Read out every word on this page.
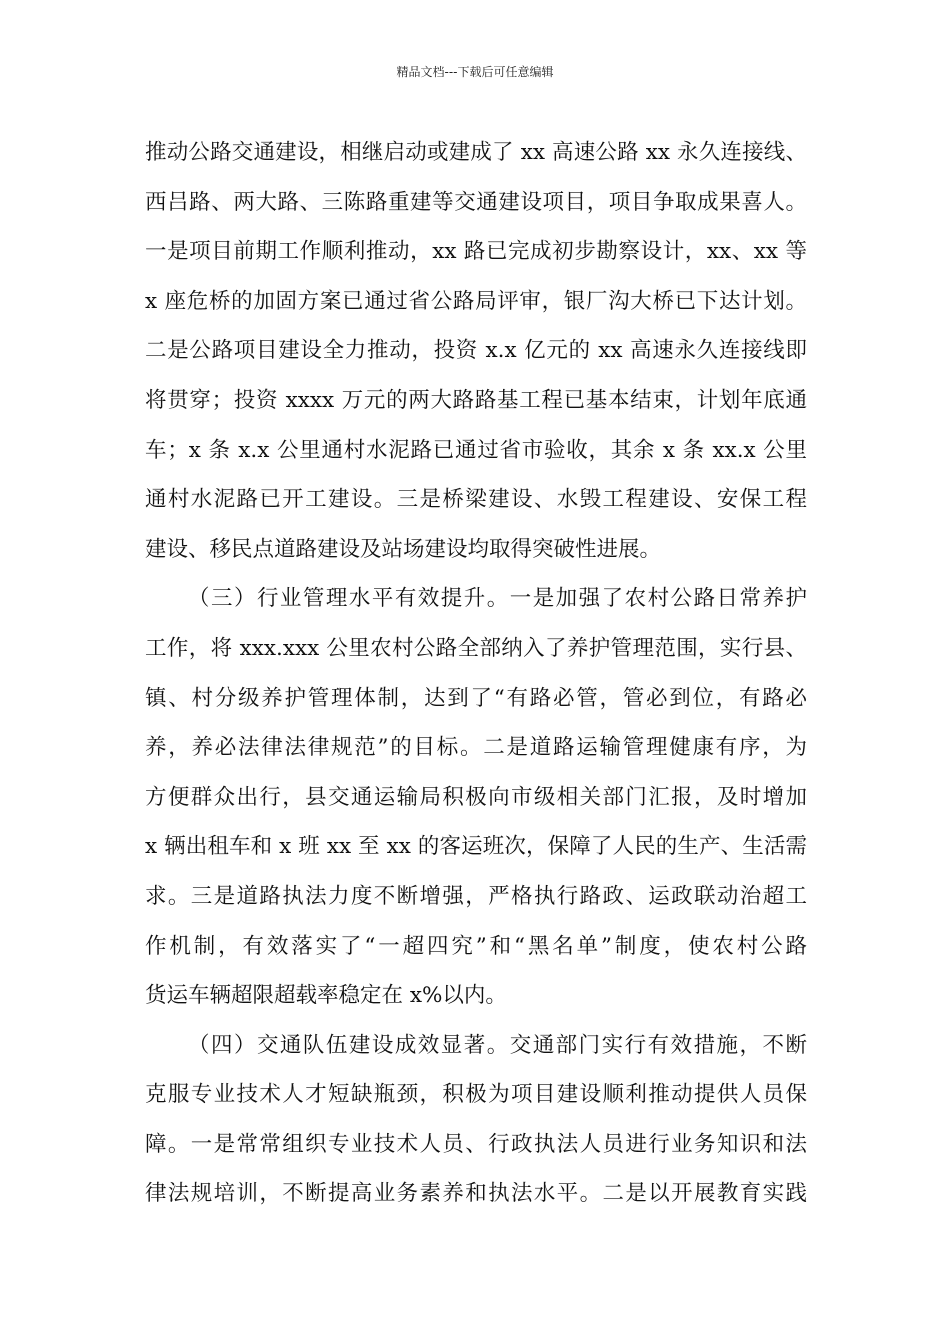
精品文档---下载后可任意编辑
推动公路交通建设，相继启动或建成了 xx 高速公路 xx 永久连接线、
西吕路、两大路、三陈路重建等交通建设项目，项目争取成果喜人。
一是项目前期工作顺利推动，xx 路已完成初步勘察设计，xx、xx 等
x 座危桥的加固方案已通过省公路局评审，银厂沟大桥已下达计划。
二是公路项目建设全力推动，投资 x.x 亿元的 xx 高速永久连接线即
将贯穿；投资 xxxx 万元的两大路路基工程已基本结束，计划年底通
车；x 条 x.x 公里通村水泥路已通过省市验收，其余 x 条 xx.x 公里
通村水泥路已开工建设。三是桥梁建设、水毁工程建设、安保工程
建设、移民点道路建设及站场建设均取得突破性进展。
（三）行业管理水平有效提升。一是加强了农村公路日常养护
工作，将 xxx.xxx 公里农村公路全部纳入了养护管理范围，实行县、
镇、村分级养护管理体制，达到了“有路必管，管必到位，有路必
养，养必法律法律规范”的目标。二是道路运输管理健康有序，为
方便群众出行，县交通运输局积极向市级相关部门汇报，及时增加
x 辆出租车和 x 班 xx 至 xx 的客运班次，保障了人民的生产、生活需
求。三是道路执法力度不断增强，严格执行路政、运政联动治超工
作机制，有效落实了“一超四究”和“黑名单”制度，使农村公路
货运车辆超限超载率稳定在 x%以内。
（四）交通队伍建设成效显著。交通部门实行有效措施，不断
克服专业技术人才短缺瓶颈，积极为项目建设顺利推动提供人员保
障。一是常常组织专业技术人员、行政执法人员进行业务知识和法
律法规培训，不断提高业务素养和执法水平。二是以开展教育实践
